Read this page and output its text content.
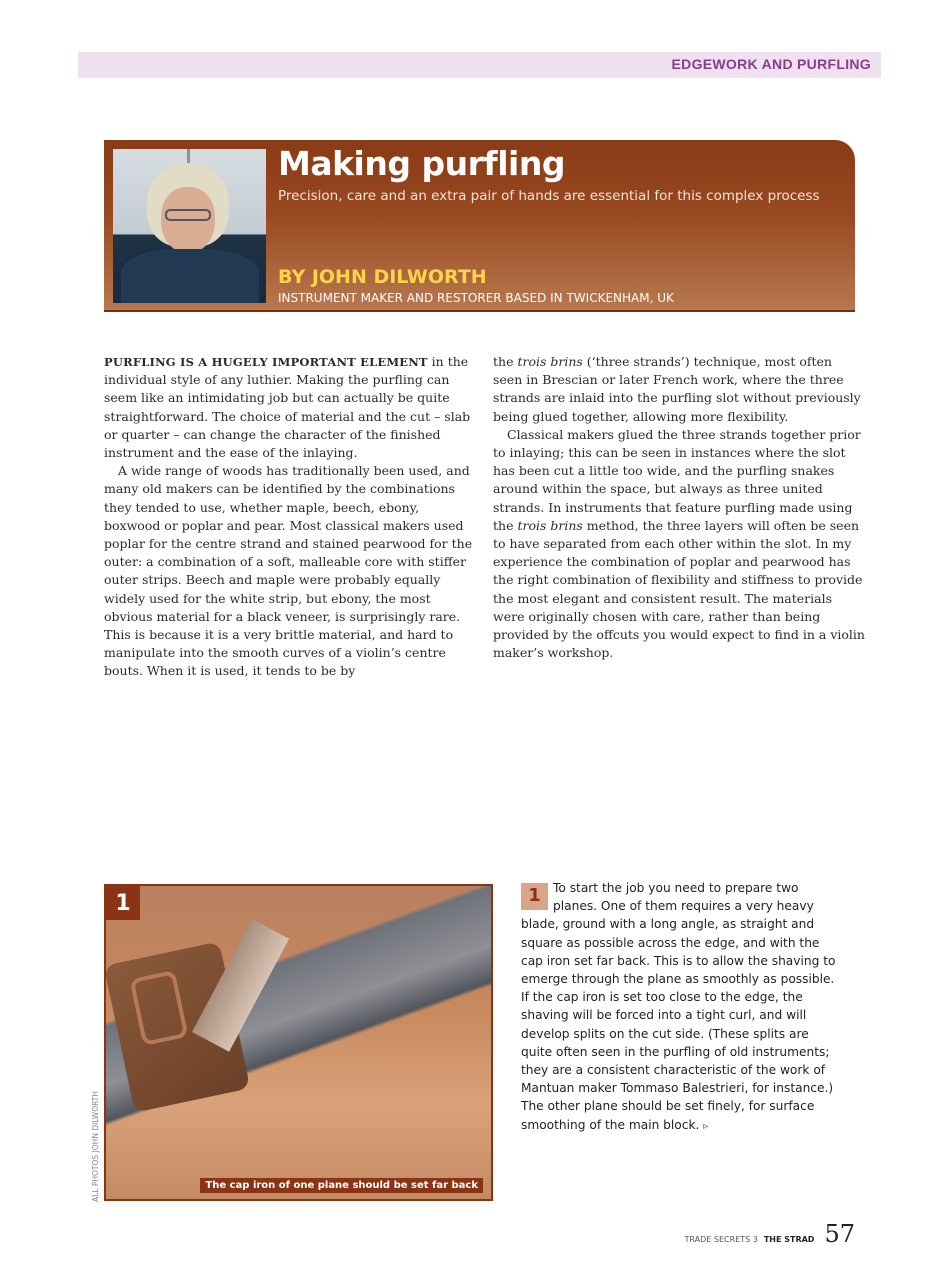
EDGEWORK AND PURFLING
Making purfling

Precision, care and an extra pair of hands are essential for this complex process

BY JOHN DILWORTH
INSTRUMENT MAKER AND RESTORER BASED IN TWICKENHAM, UK

PURFLING IS A HUGELY IMPORTANT ELEMENT in the individual style of any luthier. Making the purfling can seem like an intimidating job but can actually be quite straightforward. The choice of material and the cut – slab or quarter – can change the character of the finished instrument and the ease of the inlaying.

A wide range of woods has traditionally been used, and many old makers can be identified by the combinations they tended to use, whether maple, beech, ebony, boxwood or poplar and pear. Most classical makers used poplar for the centre strand and stained pearwood for the outer: a combination of a soft, malleable core with stiffer outer strips. Beech and maple were probably equally widely used for the white strip, but ebony, the most obvious material for a black veneer, is surprisingly rare. This is because it is a very brittle material, and hard to manipulate into the smooth curves of a violin’s centre bouts. When it is used, it tends to be by

the trois brins (‘three strands’) technique, most often seen in Brescian or later French work, where the three strands are inlaid into the purfling slot without previously being glued together, allowing more flexibility.

Classical makers glued the three strands together prior to inlaying; this can be seen in instances where the slot has been cut a little too wide, and the purfling snakes around within the space, but always as three united strands. In instruments that feature purfling made using the trois brins method, the three layers will often be seen to have separated from each other within the slot. In my experience the combination of poplar and pearwood has the right combination of flexibility and stiffness to provide the most elegant and consistent result. The materials were originally chosen with care, rather than being provided by the offcuts you would expect to find in a violin maker’s workshop.

1
The cap iron of one plane should be set far back
ALL PHOTOS JOHN DILWORTH
1	To start the job you need to prepare two planes. One of them requires a very heavy blade, ground with a long angle, as straight and square as possible across the edge, and with the cap iron set far back. This is to allow the shaving to emerge through the plane as smoothly as possible. If the cap iron is set too close to the edge, the shaving will be forced into a tight curl, and will develop splits on the cut side. (These splits are quite often seen in the purfling of old instruments; they are a consistent characteristic of the work of Mantuan maker Tommaso Balestrieri, for instance.) The other plane should be set finely, for surface smoothing of the main block. ▹
TRADE SECRETS 3 THE STRAD 57
